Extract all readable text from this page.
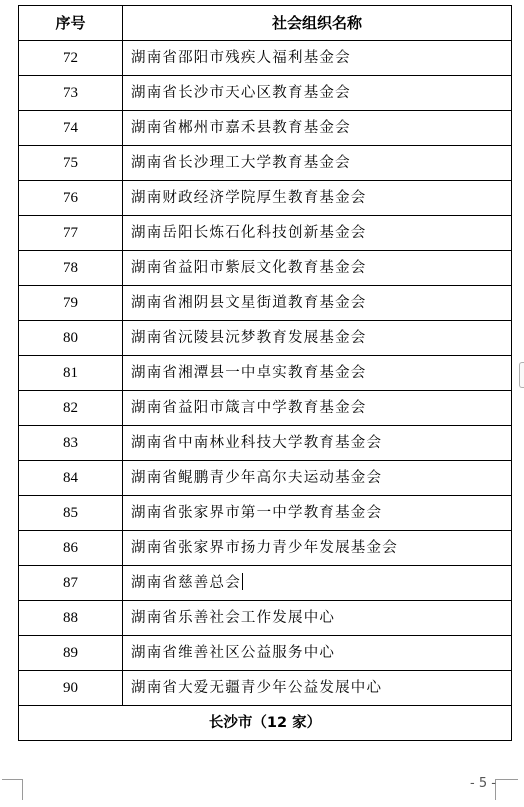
序号	社会组织名称
72	湖南省邵阳市残疾人福利基金会
73	湖南省长沙市天心区教育基金会
74	湖南省郴州市嘉禾县教育基金会
75	湖南省长沙理工大学教育基金会
76	湖南财政经济学院厚生教育基金会
77	湖南岳阳长炼石化科技创新基金会
78	湖南省益阳市紫辰文化教育基金会
79	湖南省湘阴县文星街道教育基金会
80	湖南省沅陵县沅梦教育发展基金会
81	湖南省湘潭县一中卓实教育基金会
82	湖南省益阳市箴言中学教育基金会
83	湖南省中南林业科技大学教育基金会
84	湖南省鲲鹏青少年高尔夫运动基金会
85	湖南省张家界市第一中学教育基金会
86	湖南省张家界市扬力青少年发展基金会
87	湖南省慈善总会
88	湖南省乐善社会工作发展中心
89	湖南省维善社区公益服务中心
90	湖南省大爱无疆青少年公益发展中心
长沙市（12 家）	
- 5 -
